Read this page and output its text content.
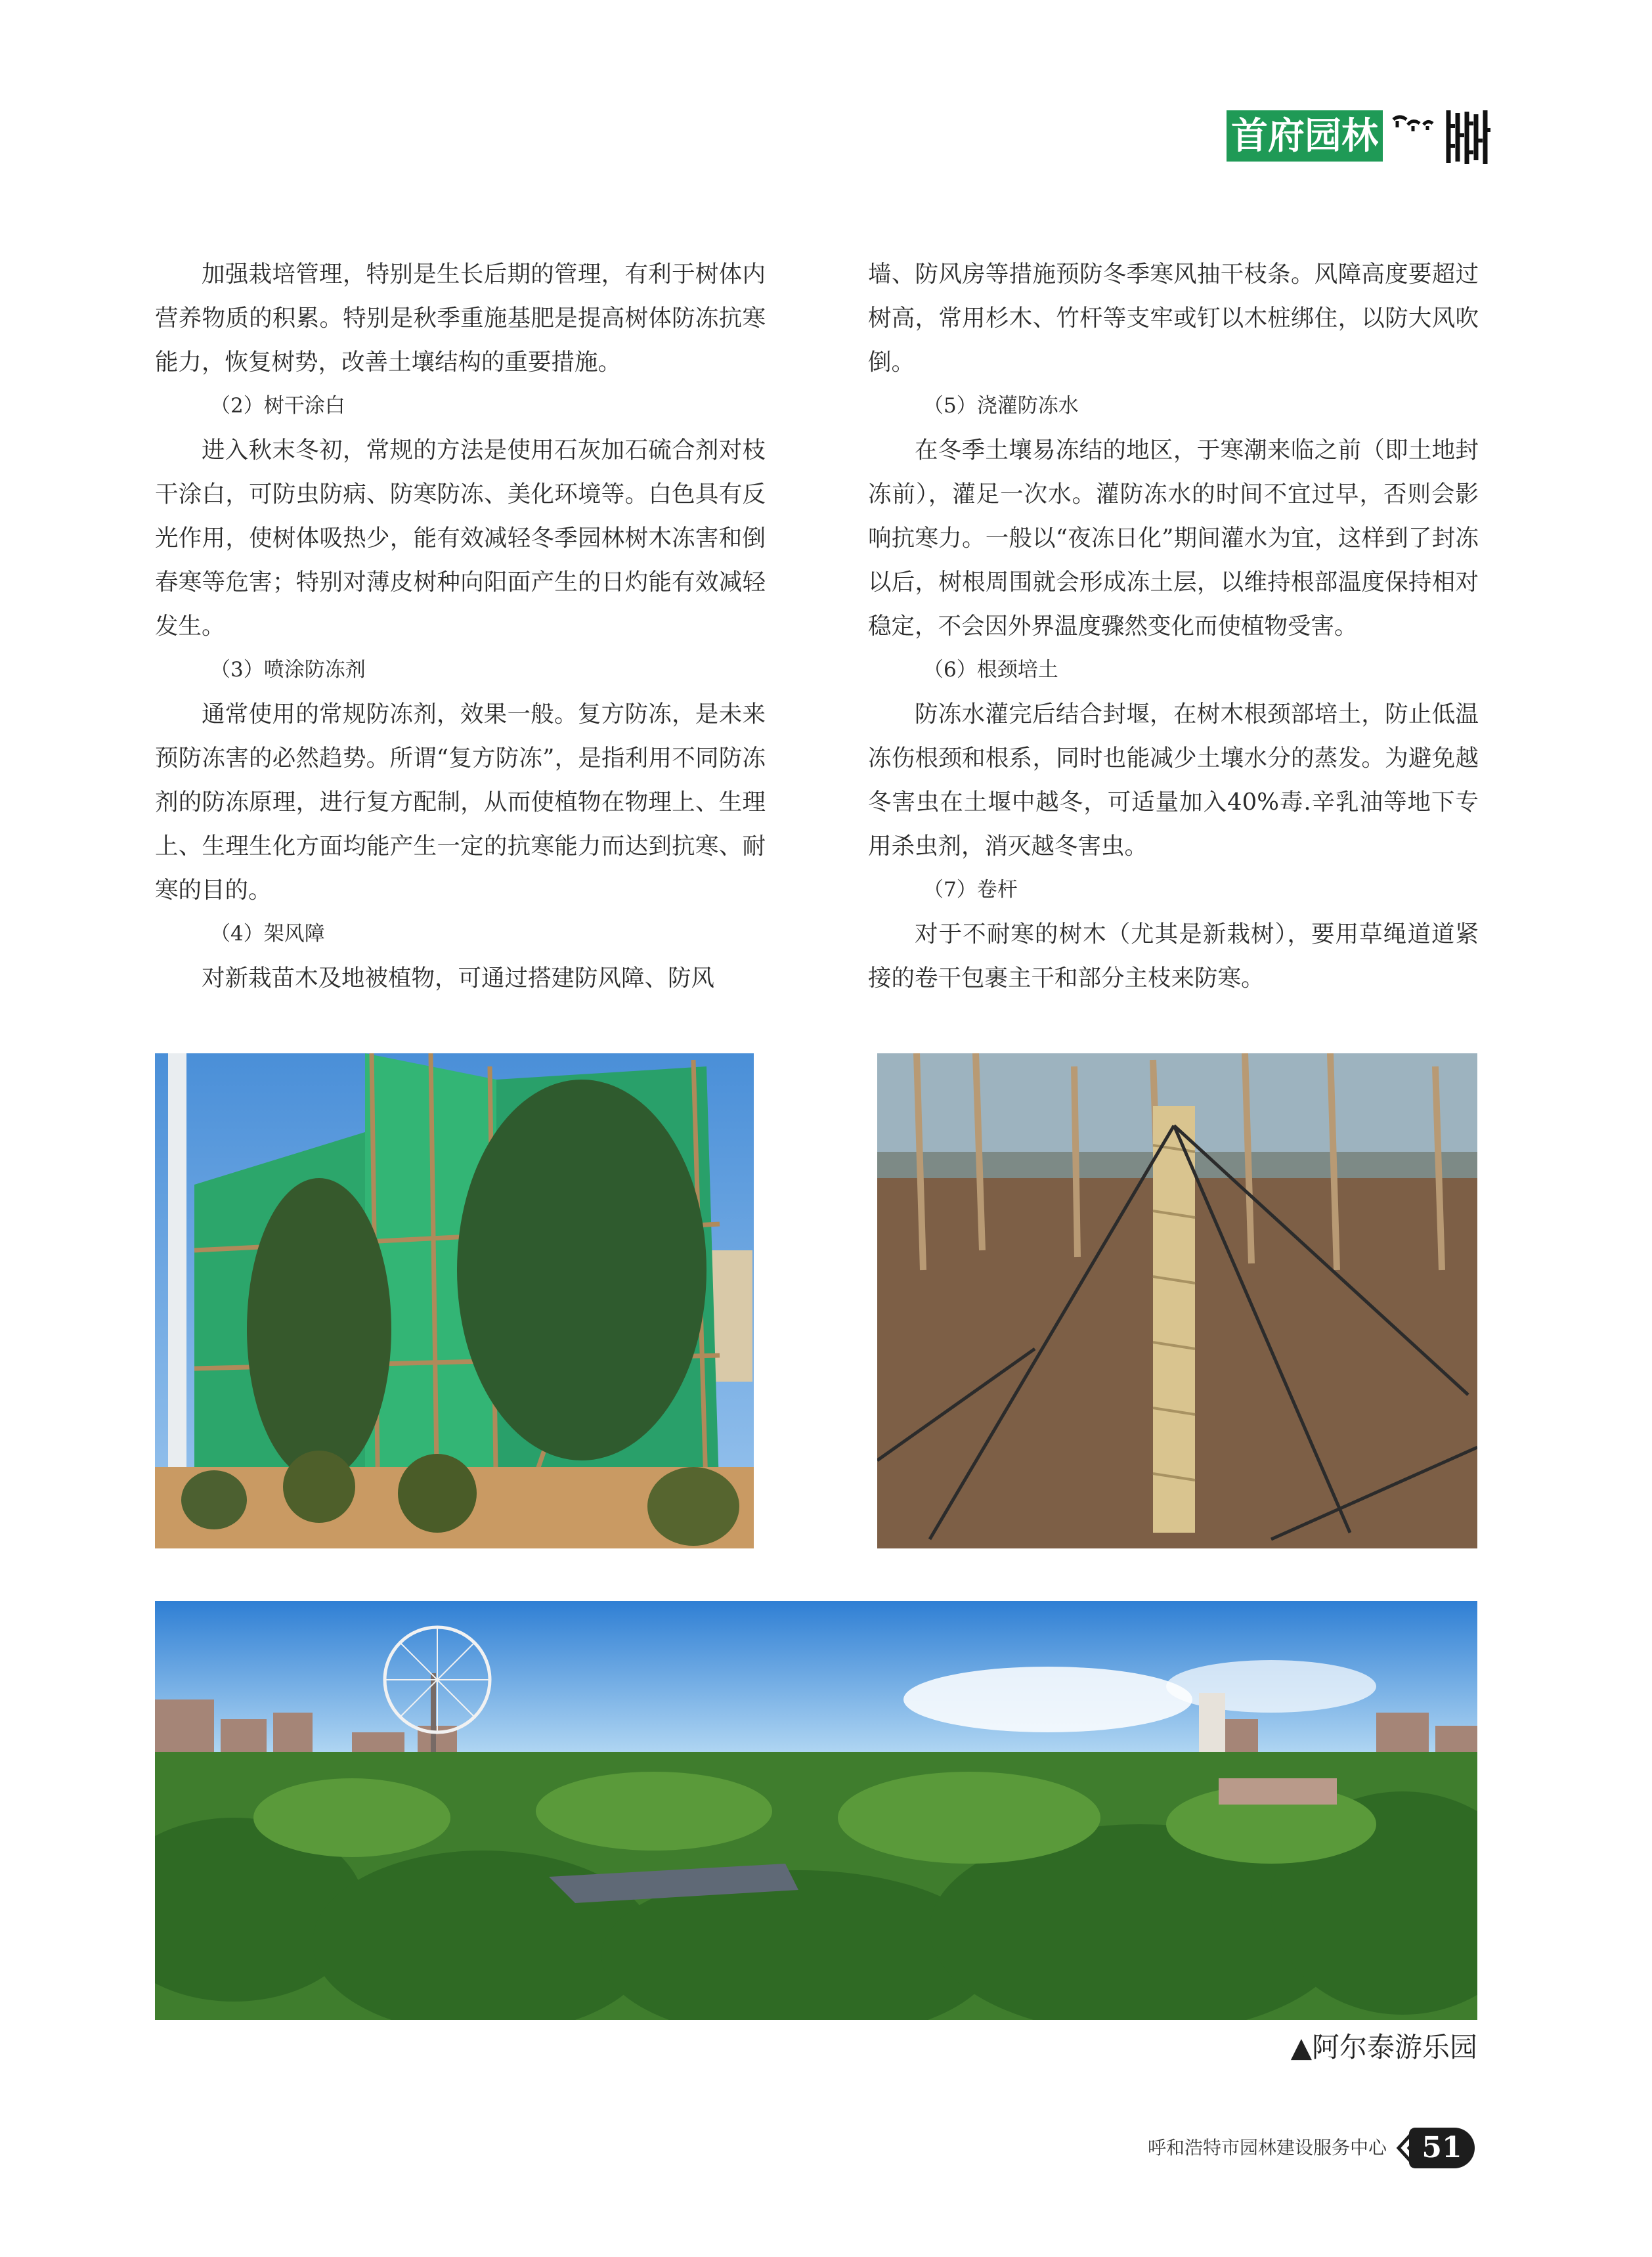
首府园林

加强栽培管理，特别是生长后期的管理，有利于树体内营养物质的积累。特别是秋季重施基肥是提高树体防冻抗寒能力，恢复树势，改善土壤结构的重要措施。

（2）树干涂白

进入秋末冬初，常规的方法是使用石灰加石硫合剂对枝干涂白，可防虫防病、防寒防冻、美化环境等。白色具有反光作用，使树体吸热少，能有效减轻冬季园林树木冻害和倒春寒等危害；特别对薄皮树种向阳面产生的日灼能有效减轻发生。

（3）喷涂防冻剂

通常使用的常规防冻剂，效果一般。复方防冻，是未来预防冻害的必然趋势。所谓“复方防冻”，是指利用不同防冻剂的防冻原理，进行复方配制，从而使植物在物理上、生理上、生理生化方面均能产生一定的抗寒能力而达到抗寒、耐寒的目的。

（4）架风障

对新栽苗木及地被植物，可通过搭建防风障、防风

墙、防风房等措施预防冬季寒风抽干枝条。风障高度要超过树高，常用杉木、竹杆等支牢或钉以木桩绑住，以防大风吹倒。

（5）浇灌防冻水

在冬季土壤易冻结的地区，于寒潮来临之前（即土地封冻前），灌足一次水。灌防冻水的时间不宜过早，否则会影响抗寒力。一般以“夜冻日化”期间灌水为宜，这样到了封冻以后，树根周围就会形成冻土层，以维持根部温度保持相对稳定，不会因外界温度骤然变化而使植物受害。

（6）根颈培土

防冻水灌完后结合封堰，在树木根颈部培土，防止低温冻伤根颈和根系，同时也能减少土壤水分的蒸发。为避免越冬害虫在土堰中越冬，可适量加入40%毒.辛乳油等地下专用杀虫剂，消灭越冬害虫。

（7）卷杆

对于不耐寒的树木（尤其是新栽树），要用草绳道道紧接的卷干包裹主干和部分主枝来防寒。

▲阿尔泰游乐园
呼和浩特市园林建设服务中心	51
